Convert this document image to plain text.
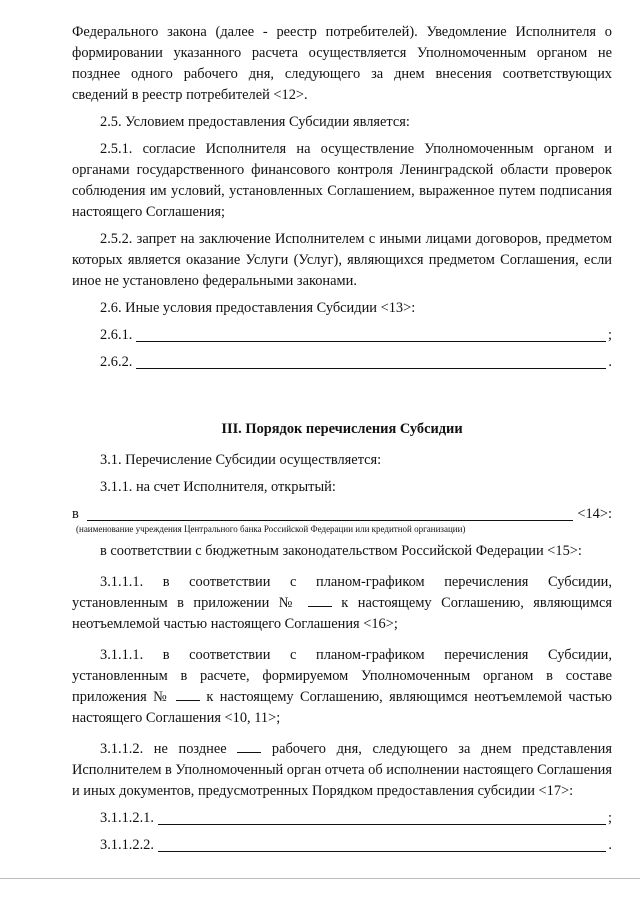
Федерального закона (далее - реестр потребителей). Уведомление Исполнителя о формировании указанного расчета осуществляется Уполномоченным органом не позднее одного рабочего дня, следующего за днем внесения соответствующих сведений в реестр потребителей <12>.

2.5. Условием предоставления Субсидии является:

2.5.1. согласие Исполнителя на осуществление Уполномоченным органом и органами государственного финансового контроля Ленинградской области проверок соблюдения им условий, установленных Соглашением, выраженное путем подписания настоящего Соглашения;

2.5.2. запрет на заключение Исполнителем с иными лицами договоров, предметом которых является оказание Услуги (Услуг), являющихся предметом Соглашения, если иное не установлено федеральными законами.

2.6. Иные условия предоставления Субсидии <13>:

2.6.1.	;
2.6.2.	.

III. Порядок перечисления Субсидии

3.1. Перечисление Субсидии осуществляется:

3.1.1. на счет Исполнителя, открытый:

в	<14>:
(наименование учреждения Центрального банка Российской Федерации или кредитной организации)

в соответствии с бюджетным законодательством Российской Федерации <15>:

3.1.1.1. в соответствии с планом-графиком перечисления Субсидии, установленным в приложении №	к настоящему Соглашению, являющимся неотъемлемой частью настоящего Соглашения <16>;

3.1.1.1. в соответствии с планом-графиком перечисления Субсидии, установленным в расчете, формируемом Уполномоченным органом в составе приложения №	к настоящему Соглашению, являющимся неотъемлемой частью настоящего Соглашения <10, 11>;

3.1.1.2. не позднее	рабочего дня, следующего за днем представления Исполнителем в Уполномоченный орган отчета об исполнении настоящего Соглашения и иных документов, предусмотренных Порядком предоставления субсидии <17>:

3.1.1.2.1.	;
3.1.1.2.2.	.
